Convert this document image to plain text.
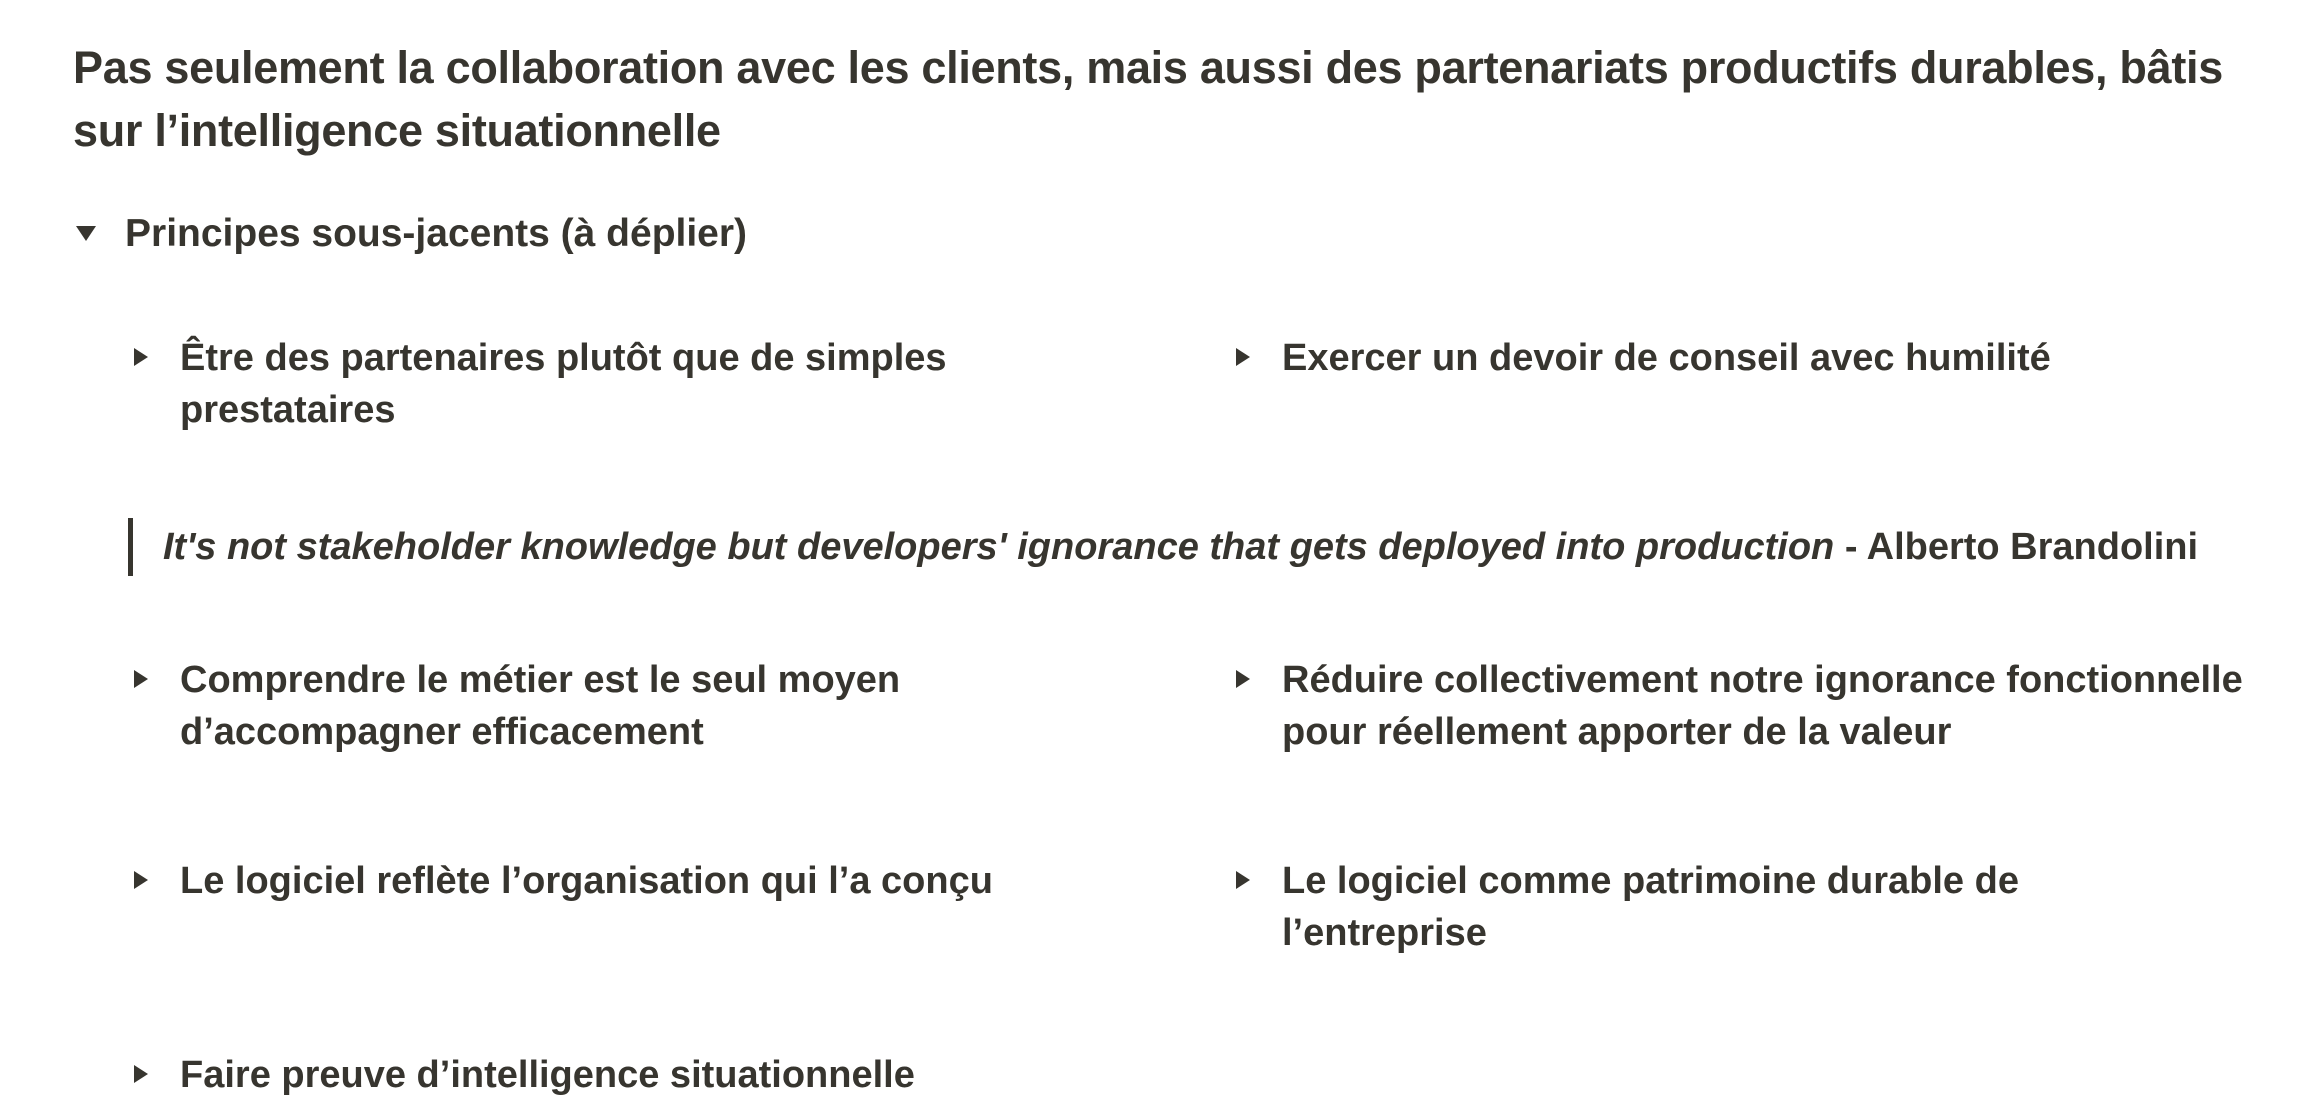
Pas seulement la collaboration avec les clients, mais aussi des partenariats productifs durables, bâtis sur l’intelligence situationnelle
Principes sous-jacents (à déplier)
Être des partenaires plutôt que de simples prestataires
Exercer un devoir de conseil avec humilité
It's not stakeholder knowledge but developers' ignorance that gets deployed into production - Alberto Brandolini
Comprendre le métier est le seul moyen d’accompagner efficacement
Réduire collectivement notre ignorance fonctionnelle pour réellement apporter de la valeur
Le logiciel reflète l’organisation qui l’a conçu	Le logiciel comme patrimoine durable de l’entreprise
Faire preuve d’intelligence situationnelle
